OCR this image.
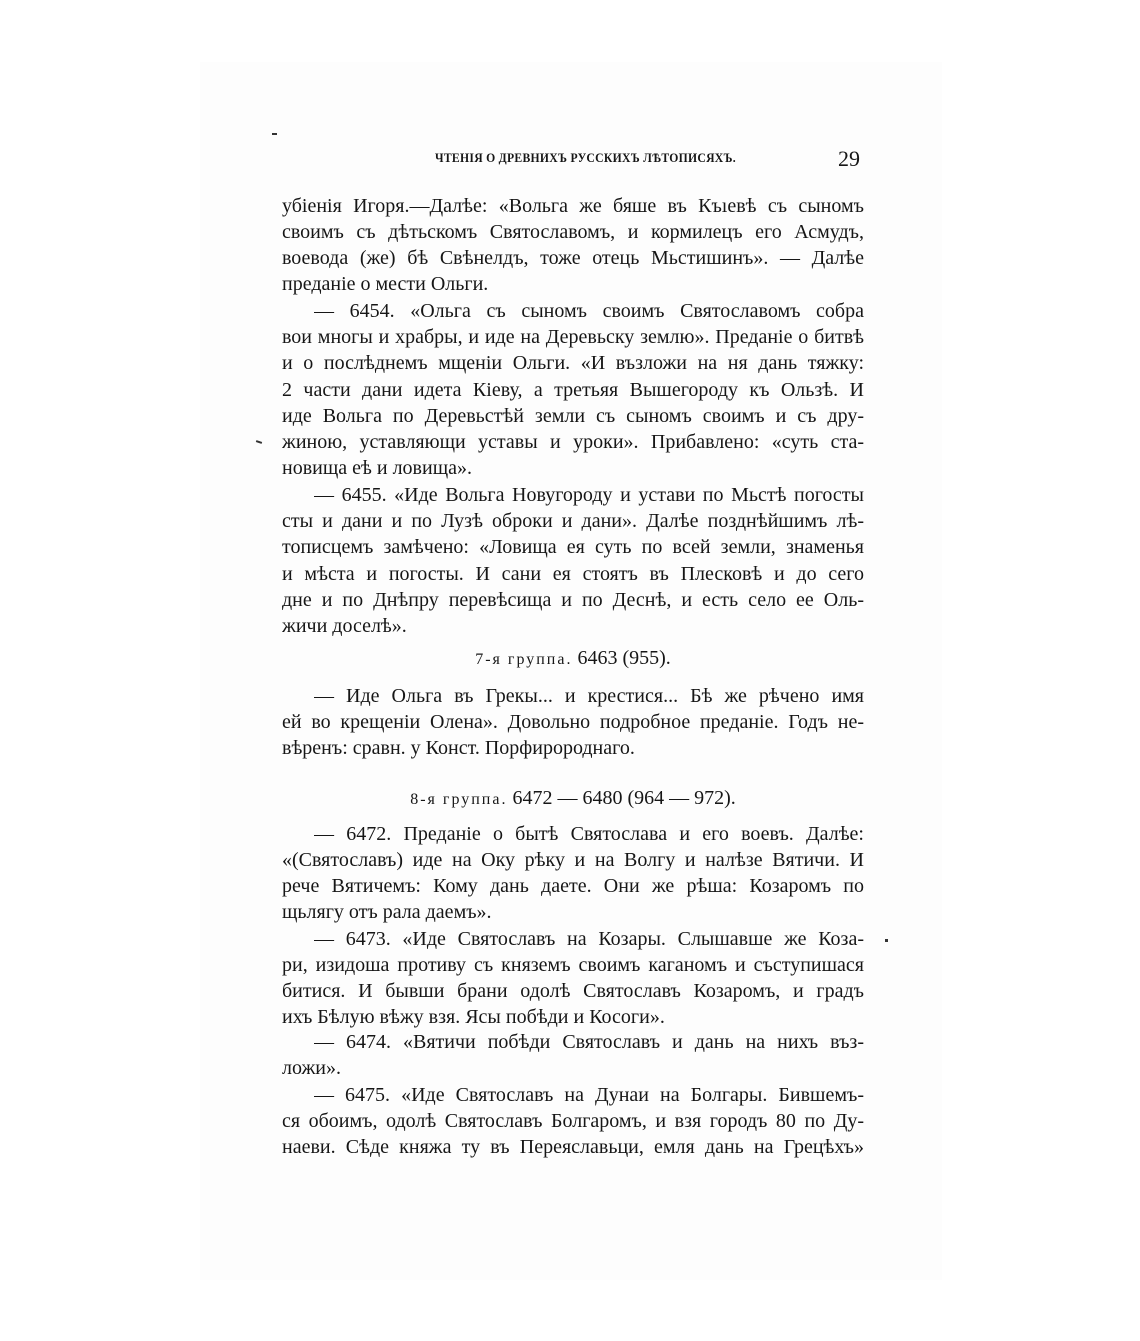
ЧТЕНІЯ О ДРЕВНИХЪ РУССКИХЪ ЛѢТОПИСЯХЪ.	29
убіенія Игоря.—Далѣе: «Вольга же бяше въ Къıевѣ съ сыномъ
своимъ съ дѣтьскомъ Святославомъ, и кормилецъ его Асмудъ,
воевода (же) бѣ Свѣнелдъ, тоже отець Мьстишинъ». — Далѣе
преданіе о мести Ольги.
— 6454. «Ольга съ сыномъ своимъ Святославомъ собра
вои многы и храбры, и иде на Деревьску землю». Преданіе о битвѣ
и о послѣднемъ мщеніи Ольги. «И възложи на ня дань тяжку:
2 части дани идета Кіеву, а третьяя Вышегороду къ Ользѣ. И
иде Вольга по Деревьстѣй земли съ сыномъ своимъ и съ дру-
жиною, уставляющи уставы и уроки». Прибавлено: «суть ста-
новища еѣ и ловища».
— 6455. «Иде Вольга Новугороду и устави по Мьстѣ погосты
сты и дани и по Лузѣ оброки и дани». Далѣе позднѣйшимъ лѣ-
тописцемъ замѣчено: «Ловища ея суть по всей земли, знаменья
и мѣста и погосты. И сани ея стоятъ въ Плесковѣ и до сего
дне и по Днѣпру перевѣсища и по Деснѣ, и есть село ее Оль-
жичи доселѣ».
7-я группа. 6463 (955).
— Иде Ольга въ Грекы... и крестися... Бѣ же рѣчено имя
ей во крещеніи Олена». Довольно подробное преданіе. Годъ не-
вѣренъ: сравн. у Конст. Порфиророднаго.
8-я группа. 6472 — 6480 (964 — 972).
— 6472. Преданіе о бытѣ Святослава и его воевъ. Далѣе:
«(Святославъ) иде на Оку рѣку и на Волгу и налѣзе Вятичи. И
рече Вятичемъ: Кому дань даете. Они же рѣша: Козаромъ по
щьлягу отъ рала даемъ».
— 6473. «Иде Святославъ на Козары. Слышавше же Коза-
ри, изидоша противу съ княземъ своимъ каганомъ и съступишася
битися. И бывши брани одолѣ Святославъ Козаромъ, и градъ
ихъ Бѣлую вѣжу взя. Ясы побѣди и Косоги».
— 6474. «Вятичи побѣди Святославъ и дань на нихъ въз-
ложи».
— 6475. «Иде Святославъ на Дунаи на Болгары. Бившемъ-
ся обоимъ, одолѣ Святославъ Болгаромъ, и взя городъ 80 по Ду-
наеви. Сѣде княжа ту въ Переяславьци, емля дань на Грецѣхъ»
